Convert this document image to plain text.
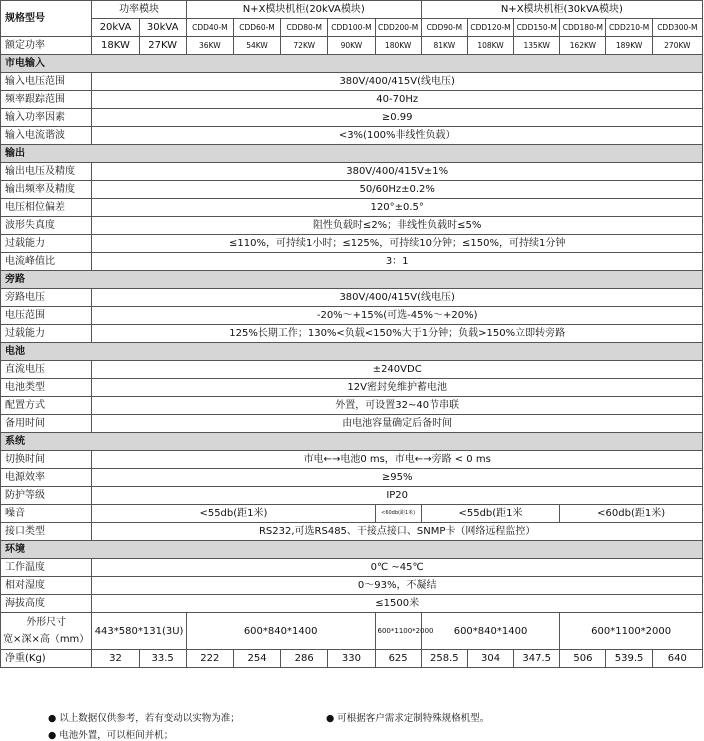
规格型号	功率模块		N+X模块机柜(20kVA模块)					N+X模块机柜(30kVA模块)					
	20kVA	30kVA	CDD40-M	CDD60-M	CDD80-M	CDD100-M	CDD200-M	CDD90-M	CDD120-M	CDD150-M	CDD180-M	CDD210-M	CDD300-M
额定功率	18KW	27KW	36KW	54KW	72KW	90KW	180KW	81KW	108KW	135KW	162KW	189KW	270KW
市电输入													
输入电压范围	380V/400/415V(线电压)												
频率跟踪范围	40-70Hz												
输入功率因素	≥0.99												
输入电流谐波	<3%(100%非线性负载）												
输出													
输出电压及精度	380V/400/415V±1%												
输出频率及精度	50/60Hz±0.2%												
电压相位偏差	120°±0.5°												
波形失真度	阻性负载时≤2%；非线性负载时≤5%												
过载能力	≤110%，可持续1小时；≤125%，可持续10分钟；≤150%，可持续1分钟												
电流峰值比	3：1												
旁路													
旁路电压	380V/400/415V(线电压)												
电压范围	-20%～+15%(可选-45%～+20%)												
过载能力	125%长期工作；130%<负载<150%大于1分钟；负载>150%立即转旁路												
电池													
直流电压	±240VDC												
电池类型	12V密封免维护蓄电池												
配置方式	外置，可设置32~40节串联												
备用时间	由电池容量确定后备时间												
系统													
切换时间	市电←→电池0 ms，市电←→旁路 < 0 ms												
电源效率	≥95%												
防护等级	IP20												
噪音	<55db(距1米)						<60db(距1米)	<55db(距1米			<60db(距1米)		
接口类型	RS232,可选RS485、干接点接口、SNMP卡（网络远程监控）												
环境													
工作温度	0℃ ~45℃												
相对湿度	0～93%，不凝结												
海拔高度	≤1500米												
外形尺寸
宽×深×高（mm）	443*580*131(3U)		600*840*1400				600*1100*2000	600*840*1400			600*1100*2000		
净重(Kg)	32	33.5	222	254	286	330	625	258.5	304	347.5	506	539.5	640
● 以上数据仅供参考，若有变动以实物为准；	● 可根据客户需求定制特殊规格机型。
● 电池外置，可以柜间并机；
